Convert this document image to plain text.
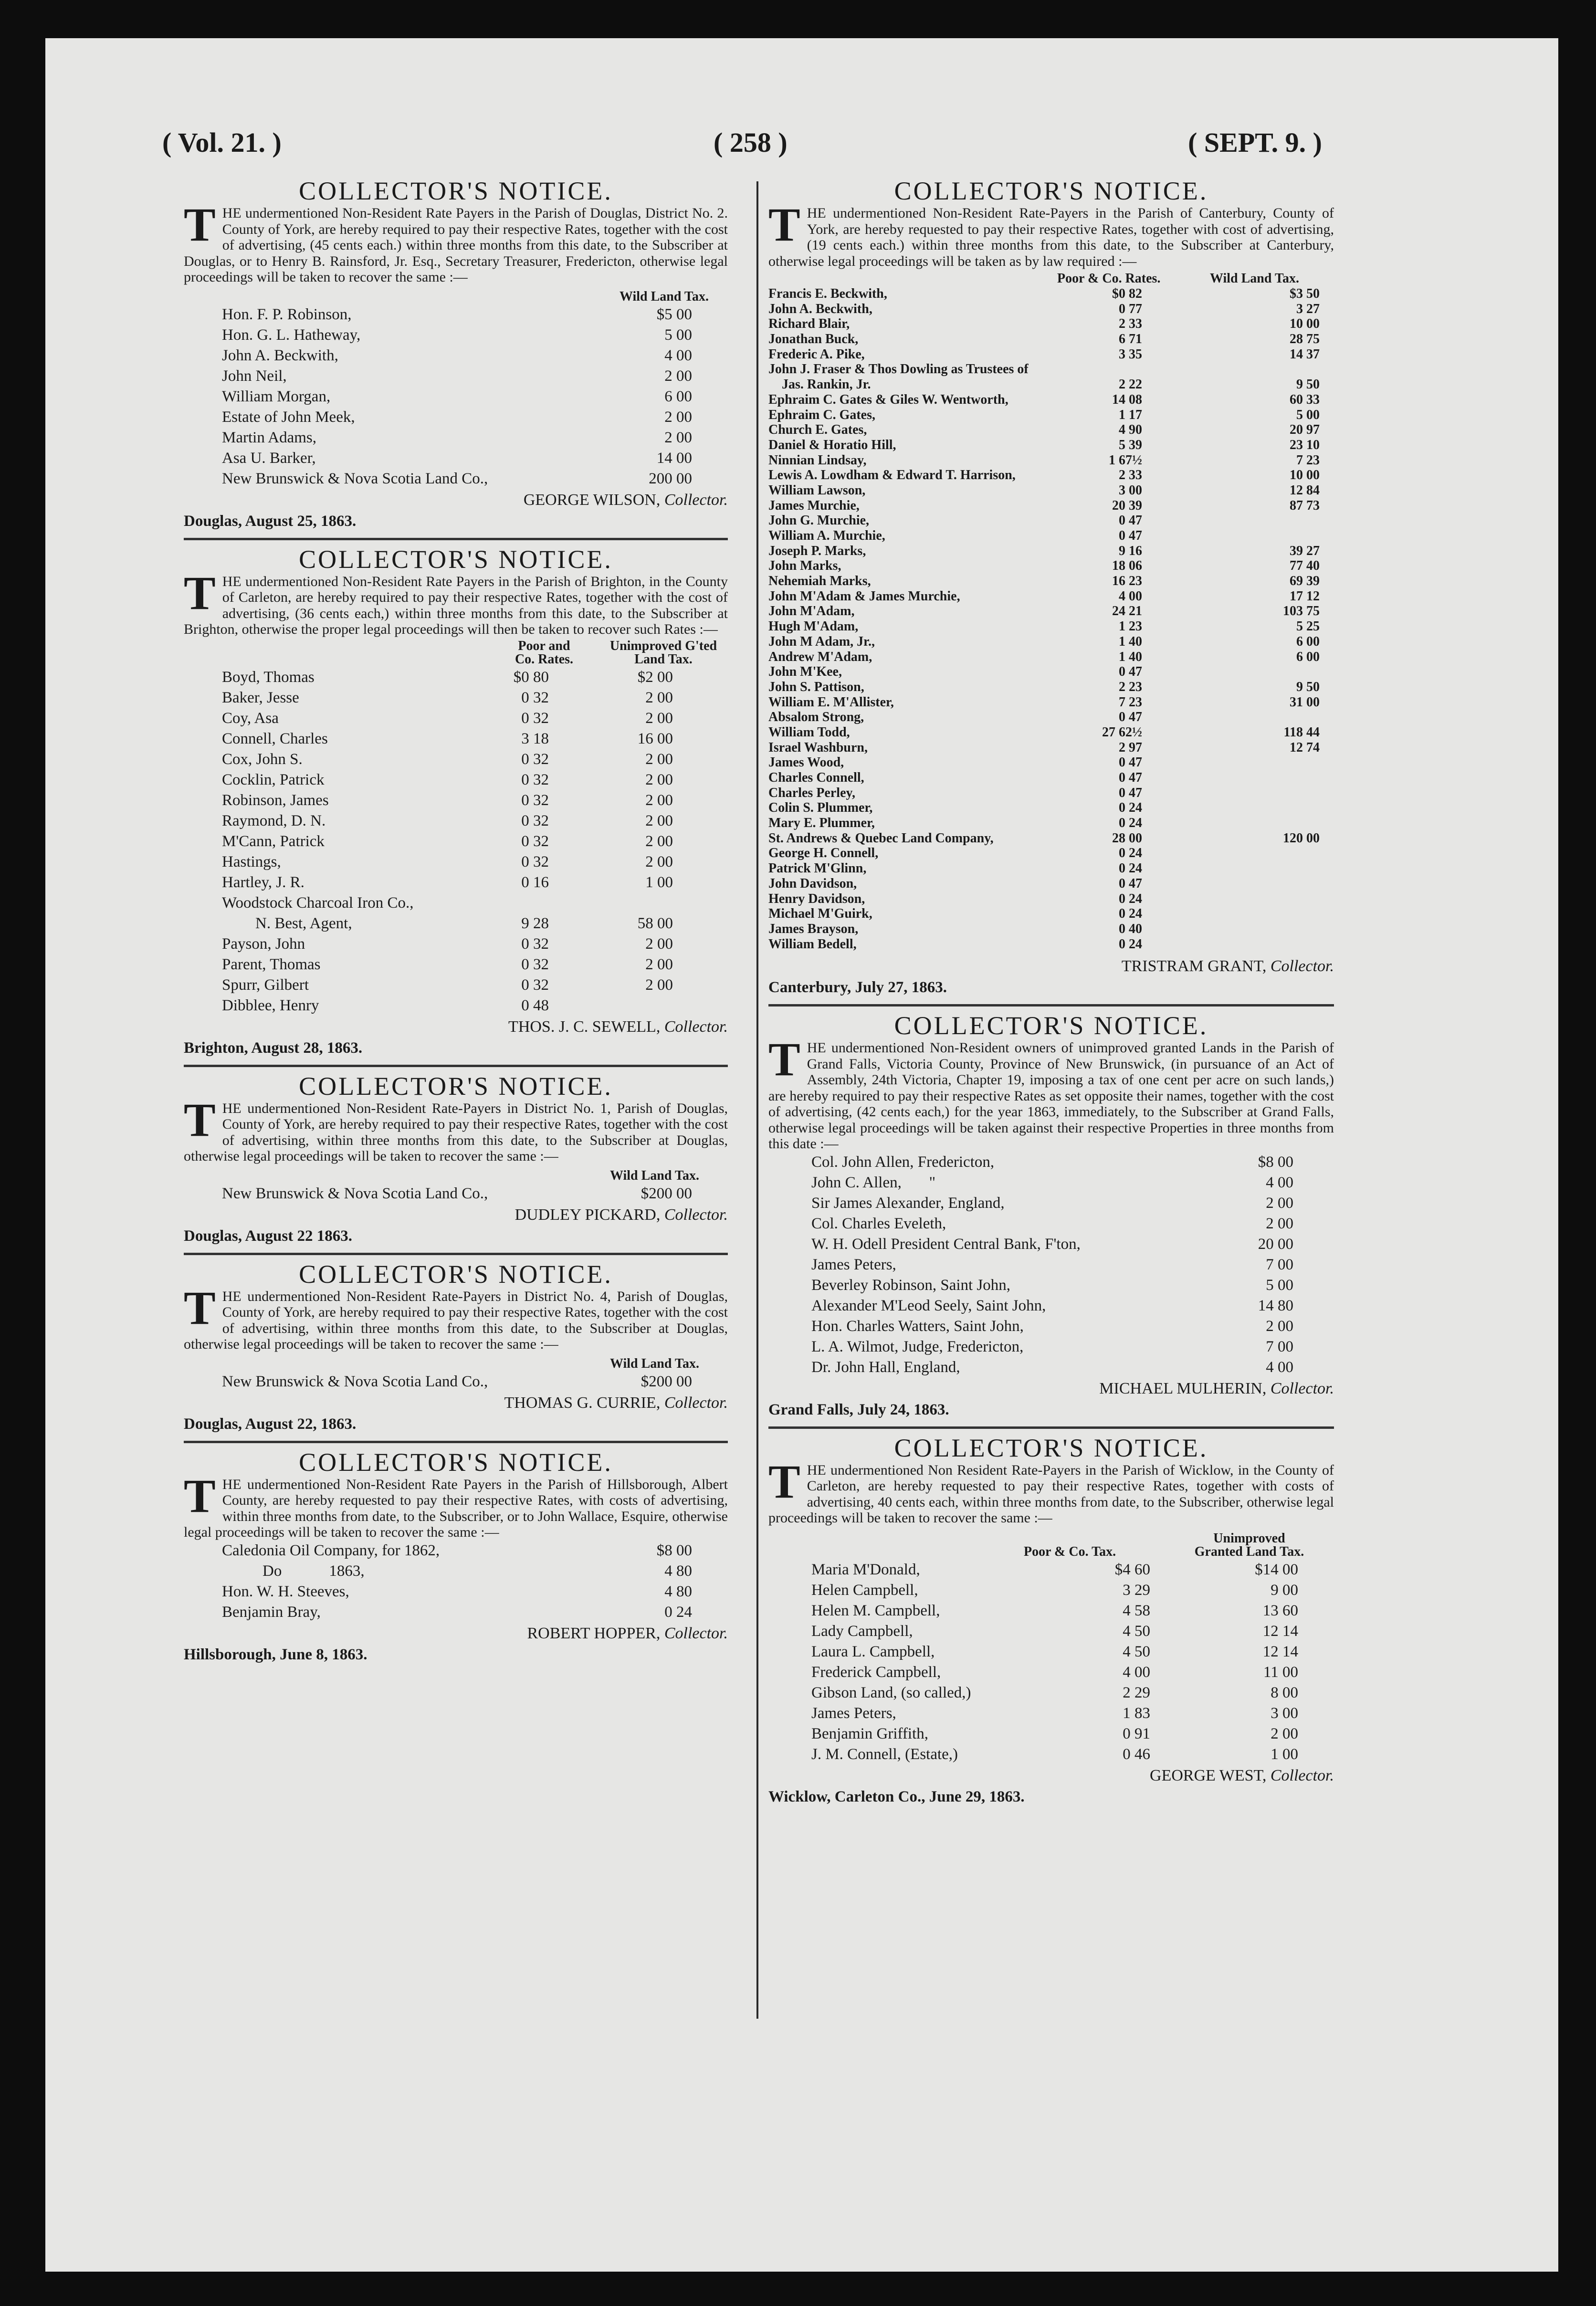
( Vol. 21. )	( 258 )	( SEPT. 9. )
COLLECTOR'S NOTICE.
THE undermentioned Non-Resident Rate Payers in the Parish of Douglas, District No. 2. County of York, are hereby required to pay their respective Rates, together with the cost of advertising, (45 cents each.) within three months from this date, to the Subscriber at Douglas, or to Henry B. Rainsford, Jr. Esq., Secretary Treasurer, Fredericton, otherwise legal proceedings will be taken to recover the same :—
Wild Land Tax.
Hon. F. P. Robinson,	$5 00
Hon. G. L. Hatheway,	5 00
John A. Beckwith,	4 00
John Neil,	2 00
William Morgan,	6 00
Estate of John Meek,	2 00
Martin Adams,	2 00
Asa U. Barker,	14 00
New Brunswick & Nova Scotia Land Co.,	200 00
GEORGE WILSON, Collector.
Douglas, August 25, 1863.
COLLECTOR'S NOTICE.
THE undermentioned Non-Resident Rate Payers in the Parish of Brighton, in the County of Carleton, are hereby required to pay their respective Rates, together with the cost of advertising, (36 cents each,) within three months from this date, to the Subscriber at Brighton, otherwise the proper legal proceedings will then be taken to recover such Rates :—
Poor and Co. Rates.
Unimproved G'ted Land Tax.
Boyd, Thomas	$0 80	$2 00
Baker, Jesse	0 32	2 00
Coy, Asa	0 32	2 00
Connell, Charles	3 18	16 00
Cox, John S.	0 32	2 00
Cocklin, Patrick	0 32	2 00
Robinson, James	0 32	2 00
Raymond, D. N.	0 32	2 00
M'Cann, Patrick	0 32	2 00
Hastings,	0 32	2 00
Hartley, J. R.	0 16	1 00
Woodstock Charcoal Iron Co.,
N. Best, Agent,	9 28	58 00
Payson, John	0 32	2 00
Parent, Thomas	0 32	2 00
Spurr, Gilbert	0 32	2 00
Dibblee, Henry	0 48
THOS. J. C. SEWELL, Collector.
Brighton, August 28, 1863.
COLLECTOR'S NOTICE.
THE undermentioned Non-Resident Rate-Payers in District No. 1, Parish of Douglas, County of York, are hereby required to pay their respective Rates, together with the cost of advertising, within three months from this date, to the Subscriber at Douglas, otherwise legal proceedings will be taken to recover the same :—
Wild Land Tax.
New Brunswick & Nova Scotia Land Co.,	$200 00
DUDLEY PICKARD, Collector.
Douglas, August 22 1863.
COLLECTOR'S NOTICE.
THE undermentioned Non-Resident Rate-Payers in District No. 4, Parish of Douglas, County of York, are hereby required to pay their respective Rates, together with the cost of advertising, within three months from this date, to the Subscriber at Douglas, otherwise legal proceedings will be taken to recover the same :—
Wild Land Tax.
New Brunswick & Nova Scotia Land Co.,	$200 00
THOMAS G. CURRIE, Collector.
Douglas, August 22, 1863.
COLLECTOR'S NOTICE.
THE undermentioned Non-Resident Rate Payers in the Parish of Hillsborough, Albert County, are hereby requested to pay their respective Rates, with costs of advertising, within three months from date, to the Subscriber, or to John Wallace, Esquire, otherwise legal proceedings will be taken to recover the same :—
Caledonia Oil Company, for 1862,	$8 00
Do            1863,	4 80
Hon. W. H. Steeves,	4 80
Benjamin Bray,	0 24
ROBERT HOPPER, Collector.
Hillsborough, June 8, 1863.
COLLECTOR'S NOTICE.
THE undermentioned Non-Resident Rate-Payers in the Parish of Canterbury, County of York, are hereby requested to pay their respective Rates, together with cost of advertising, (19 cents each.) within three months from this date, to the Subscriber at Canterbury, otherwise legal proceedings will be taken as by law required :—
Poor & Co. Rates.	Wild Land Tax.
Francis E. Beckwith,	$0 82	$3 50
John A. Beckwith,	0 77	3 27
Richard Blair,	2 33	10 00
Jonathan Buck,	6 71	28 75
Frederic A. Pike,	3 35	14 37
John J. Fraser & Thos Dowling as Trustees of
Jas. Rankin, Jr.	2 22	9 50
Ephraim C. Gates & Giles W. Wentworth,	14 08	60 33
Ephraim C. Gates,	1 17	5 00
Church E. Gates,	4 90	20 97
Daniel & Horatio Hill,	5 39	23 10
Ninnian Lindsay,	1 67½	7 23
Lewis A. Lowdham & Edward T. Harrison,	2 33	10 00
William Lawson,	3 00	12 84
James Murchie,	20 39	87 73
John G. Murchie,	0 47
William A. Murchie,	0 47
Joseph P. Marks,	9 16	39 27
John Marks,	18 06	77 40
Nehemiah Marks,	16 23	69 39
John M'Adam & James Murchie,	4 00	17 12
John M'Adam,	24 21	103 75
Hugh M'Adam,	1 23	5 25
John M Adam, Jr.,	1 40	6 00
Andrew M'Adam,	1 40	6 00
John M'Kee,	0 47
John S. Pattison,	2 23	9 50
William E. M'Allister,	7 23	31 00
Absalom Strong,	0 47
William Todd,	27 62½	118 44
Israel Washburn,	2 97	12 74
James Wood,	0 47
Charles Connell,	0 47
Charles Perley,	0 47
Colin S. Plummer,	0 24
Mary E. Plummer,	0 24
St. Andrews & Quebec Land Company,	28 00	120 00
George H. Connell,	0 24
Patrick M'Glinn,	0 24
John Davidson,	0 47
Henry Davidson,	0 24
Michael M'Guirk,	0 24
James Brayson,	0 40
William Bedell,	0 24
TRISTRAM GRANT, Collector.
Canterbury, July 27, 1863.
COLLECTOR'S NOTICE.
THE undermentioned Non-Resident owners of unimproved granted Lands in the Parish of Grand Falls, Victoria County, Province of New Brunswick, (in pursuance of an Act of Assembly, 24th Victoria, Chapter 19, imposing a tax of one cent per acre on such lands,) are hereby required to pay their respective Rates as set opposite their names, together with the cost of advertising, (42 cents each,) for the year 1863, immediately, to the Subscriber at Grand Falls, otherwise legal proceedings will be taken against their respective Properties in three months from this date :—
Col. John Allen, Fredericton,	$8 00
John C. Allen,       "	4 00
Sir James Alexander, England,	2 00
Col. Charles Eveleth,	2 00
W. H. Odell President Central Bank, F'ton,	20 00
James Peters,	7 00
Beverley Robinson, Saint John,	5 00
Alexander M'Leod Seely, Saint John,	14 80
Hon. Charles Watters, Saint John,	2 00
L. A. Wilmot, Judge, Fredericton,	7 00
Dr. John Hall, England,	4 00
MICHAEL MULHERIN, Collector.
Grand Falls, July 24, 1863.
COLLECTOR'S NOTICE.
THE undermentioned Non Resident Rate-Payers in the Parish of Wicklow, in the County of Carleton, are hereby requested to pay their respective Rates, together with costs of advertising, 40 cents each, within three months from date, to the Subscriber, otherwise legal proceedings will be taken to recover the same :—
Poor & Co. Tax.
Unimproved Granted Land Tax.
Maria M'Donald,	$4 60	$14 00
Helen Campbell,	3 29	9 00
Helen M. Campbell,	4 58	13 60
Lady Campbell,	4 50	12 14
Laura L. Campbell,	4 50	12 14
Frederick Campbell,	4 00	11 00
Gibson Land, (so called,)	2 29	8 00
James Peters,	1 83	3 00
Benjamin Griffith,	0 91	2 00
J. M. Connell, (Estate,)	0 46	1 00
GEORGE WEST, Collector.
Wicklow, Carleton Co., June 29, 1863.
